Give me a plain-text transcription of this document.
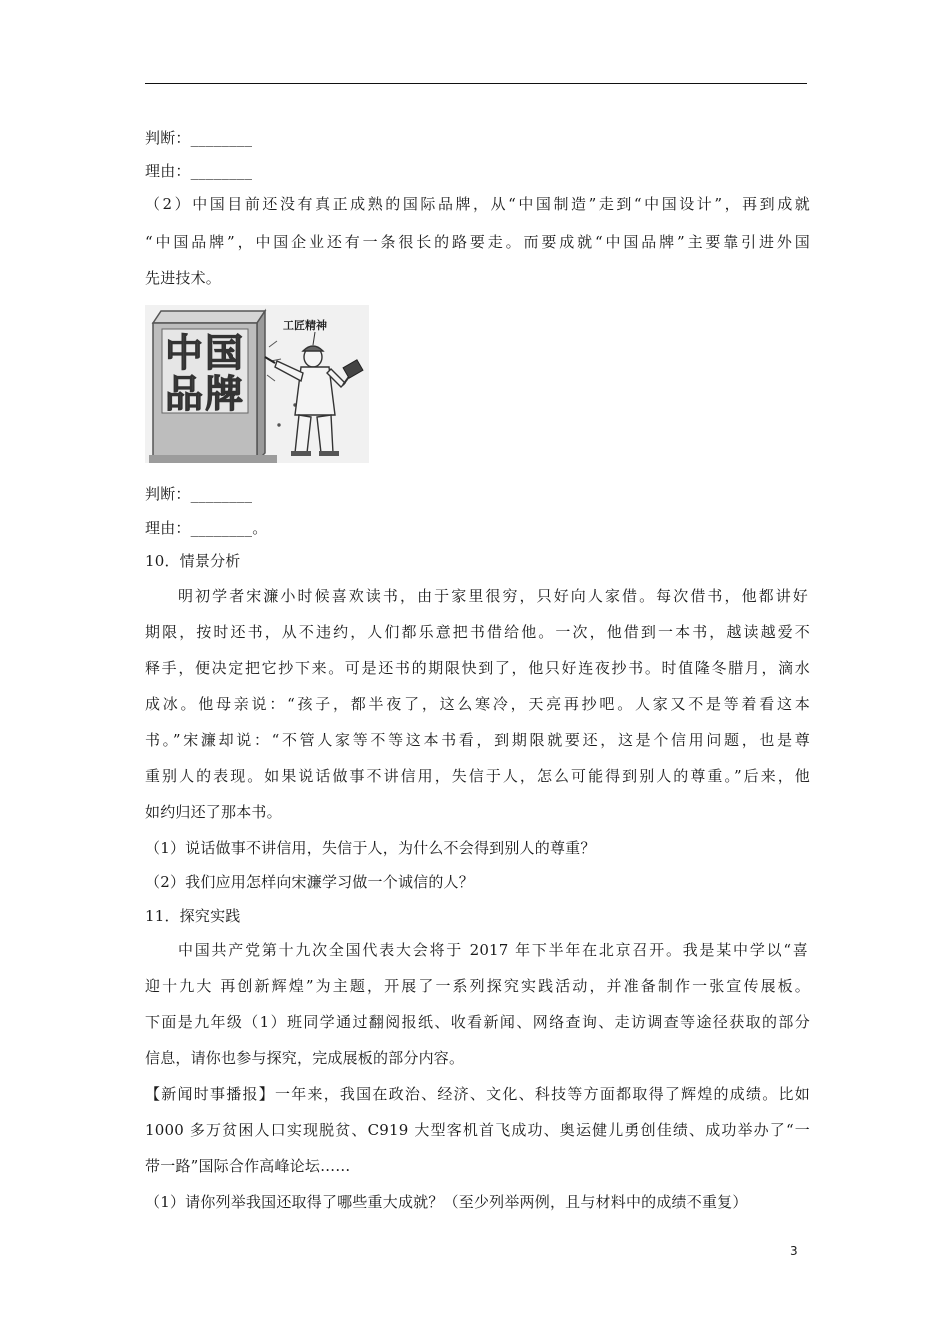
判断：________
理由：________
（2）中国目前还没有真正成熟的国际品牌，从“中国制造”走到“中国设计”，再到成就
“中国品牌”，中国企业还有一条很长的路要走。而要成就“中国品牌”主要靠引进外国
先进技术。
中 国
品 牌
工匠精神
判断：________
理由：________。
10．情景分析
明初学者宋濂小时候喜欢读书，由于家里很穷，只好向人家借。每次借书，他都讲好
期限，按时还书，从不违约，人们都乐意把书借给他。一次，他借到一本书，越读越爱不
释手，便决定把它抄下来。可是还书的期限快到了，他只好连夜抄书。时值隆冬腊月，滴水
成冰。他母亲说：“孩子，都半夜了，这么寒冷，天亮再抄吧。人家又不是等着看这本
书。”宋濂却说：“不管人家等不等这本书看，到期限就要还，这是个信用问题，也是尊
重别人的表现。如果说话做事不讲信用，失信于人，怎么可能得到别人的尊重。”后来，他
如约归还了那本书。
（1）说话做事不讲信用，失信于人，为什么不会得到别人的尊重？
（2）我们应用怎样向宋濂学习做一个诚信的人？
11．探究实践
中国共产党第十九次全国代表大会将于 2017 年下半年在北京召开。我是某中学以“喜
迎十九大 再创新辉煌”为主题，开展了一系列探究实践活动，并准备制作一张宣传展板。
下面是九年级（1）班同学通过翻阅报纸、收看新闻、网络查询、走访调查等途径获取的部分
信息，请你也参与探究，完成展板的部分内容。
【新闻时事播报】一年来，我国在政治、经济、文化、科技等方面都取得了辉煌的成绩。比如
1000 多万贫困人口实现脱贫、C919 大型客机首飞成功、奥运健儿勇创佳绩、成功举办了“一
带一路”国际合作高峰论坛……
（1）请你列举我国还取得了哪些重大成就？（至少列举两例，且与材料中的成绩不重复）
3
